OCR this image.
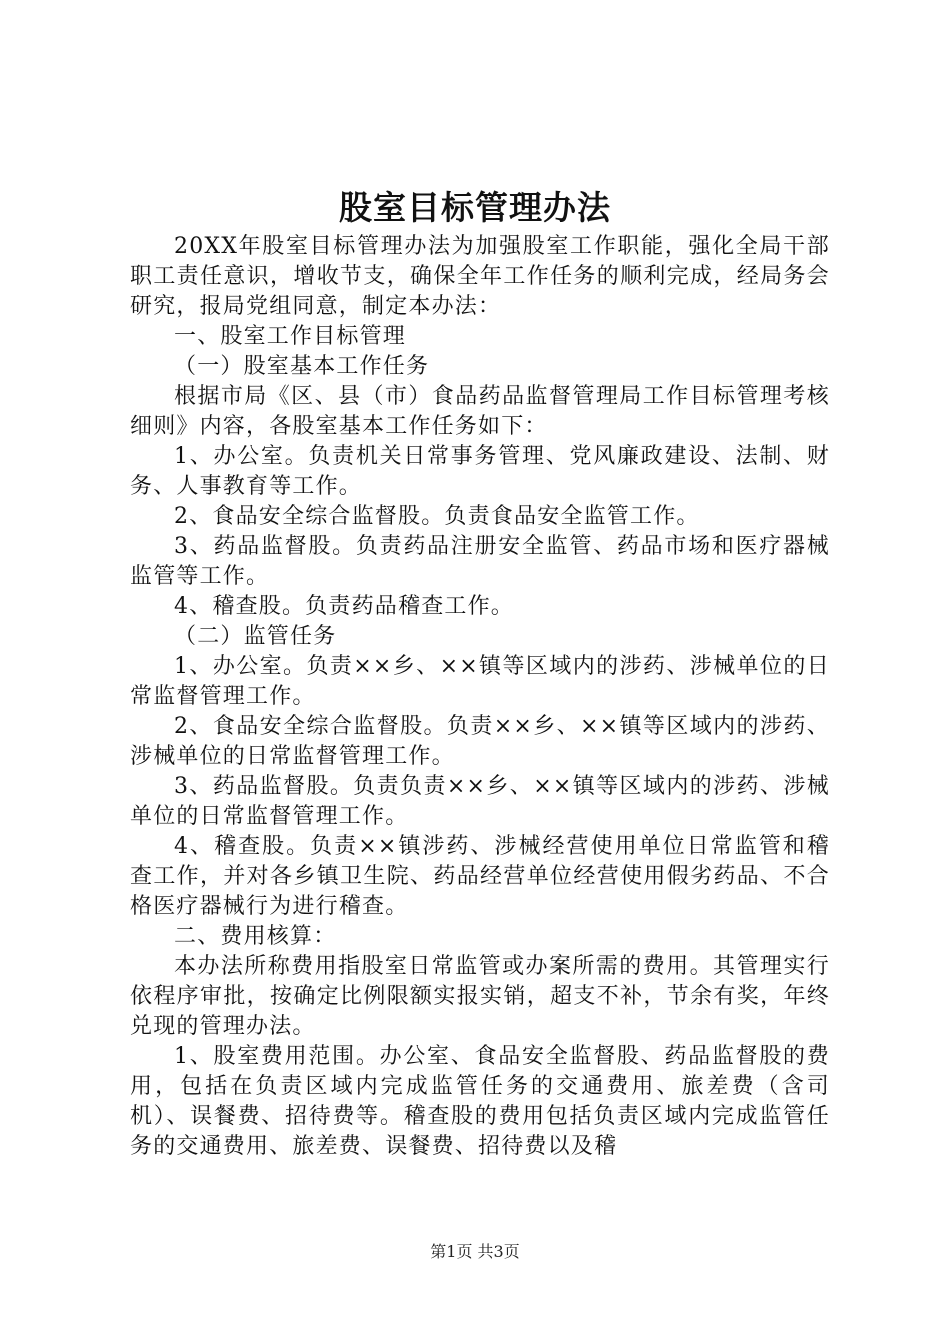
股室目标管理办法

20XX年股室目标管理办法为加强股室工作职能，强化全局干部职工责任意识，增收节支，确保全年工作任务的顺利完成，经局务会研究，报局党组同意，制定本办法：

一、股室工作目标管理

（一）股室基本工作任务

根据市局《区、县（市）食品药品监督管理局工作目标管理考核细则》内容，各股室基本工作任务如下：

1、办公室。负责机关日常事务管理、党风廉政建设、法制、财务、人事教育等工作。

2、食品安全综合监督股。负责食品安全监管工作。

3、药品监督股。负责药品注册安全监管、药品市场和医疗器械监管等工作。

4、稽查股。负责药品稽查工作。

（二）监管任务

1、办公室。负责××乡、××镇等区域内的涉药、涉械单位的日常监督管理工作。

2、食品安全综合监督股。负责××乡、××镇等区域内的涉药、涉械单位的日常监督管理工作。

3、药品监督股。负责负责××乡、××镇等区域内的涉药、涉械单位的日常监督管理工作。

4、稽查股。负责××镇涉药、涉械经营使用单位日常监管和稽查工作，并对各乡镇卫生院、药品经营单位经营使用假劣药品、不合格医疗器械行为进行稽查。

二、费用核算：

本办法所称费用指股室日常监管或办案所需的费用。其管理实行依程序审批，按确定比例限额实报实销，超支不补，节余有奖，年终兑现的管理办法。

1、股室费用范围。办公室、食品安全监督股、药品监督股的费用，包括在负责区域内完成监管任务的交通费用、旅差费（含司机）、误餐费、招待费等。稽查股的费用包括负责区域内完成监管任务的交通费用、旅差费、误餐费、招待费以及稽

第1页 共3页
